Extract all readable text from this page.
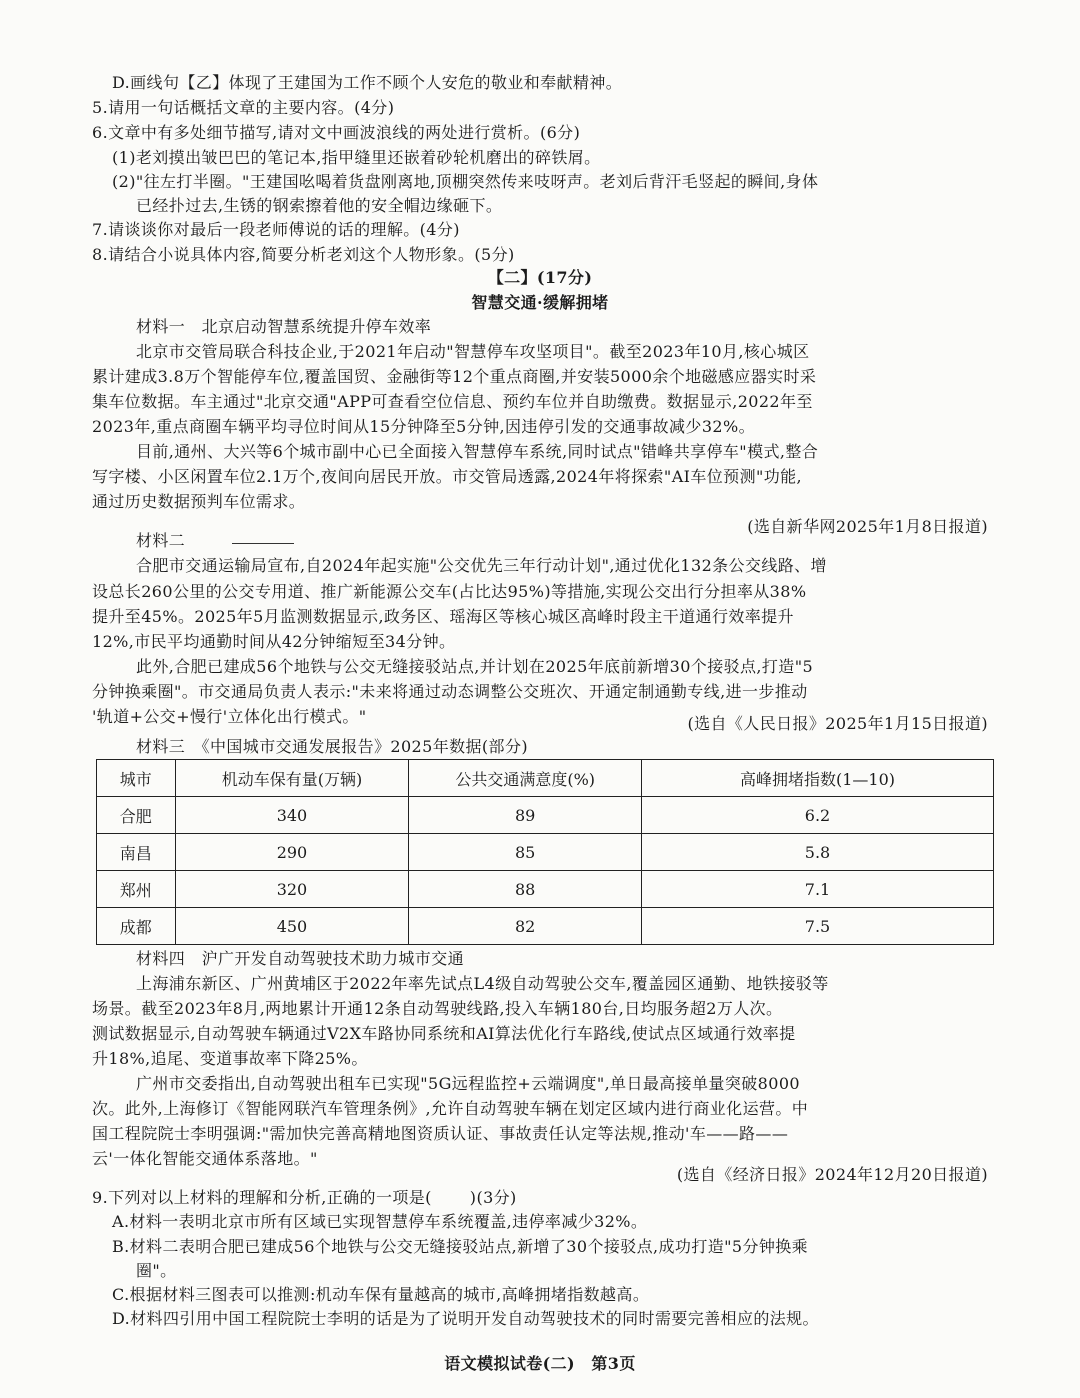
D.画线句【乙】体现了王建国为工作不顾个人安危的敬业和奉献精神。
5.请用一句话概括文章的主要内容。(4分)
6.文章中有多处细节描写,请对文中画波浪线的两处进行赏析。(6分)
(1)老刘摸出皱巴巴的笔记本,指甲缝里还嵌着砂轮机磨出的碎铁屑。
(2)"往左打半圈。"王建国吆喝着货盘刚离地,顶棚突然传来吱呀声。老刘后背汗毛竖起的瞬间,身体
已经扑过去,生锈的钢索擦着他的安全帽边缘砸下。
7.请谈谈你对最后一段老师傅说的话的理解。(4分)
8.请结合小说具体内容,简要分析老刘这个人物形象。(5分)
【二】(17分)
智慧交通·缓解拥堵
材料一　北京启动智慧系统提升停车效率
北京市交管局联合科技企业,于2021年启动"智慧停车攻坚项目"。截至2023年10月,核心城区
累计建成3.8万个智能停车位,覆盖国贸、金融街等12个重点商圈,并安装5000余个地磁感应器实时采
集车位数据。车主通过"北京交通"APP可查看空位信息、预约车位并自助缴费。数据显示,2022年至
2023年,重点商圈车辆平均寻位时间从15分钟降至5分钟,因违停引发的交通事故减少32%。
目前,通州、大兴等6个城市副中心已全面接入智慧停车系统,同时试点"错峰共享停车"模式,整合
写字楼、小区闲置车位2.1万个,夜间向居民开放。市交管局透露,2024年将探索"AI车位预测"功能,
通过历史数据预判车位需求。
(选自新华网2025年1月8日报道)
材料二
合肥市交通运输局宣布,自2024年起实施"公交优先三年行动计划",通过优化132条公交线路、增
设总长260公里的公交专用道、推广新能源公交车(占比达95%)等措施,实现公交出行分担率从38%
提升至45%。2025年5月监测数据显示,政务区、瑶海区等核心城区高峰时段主干道通行效率提升
12%,市民平均通勤时间从42分钟缩短至34分钟。
此外,合肥已建成56个地铁与公交无缝接驳站点,并计划在2025年底前新增30个接驳点,打造"5
分钟换乘圈"。市交通局负责人表示:"未来将通过动态调整公交班次、开通定制通勤专线,进一步推动
'轨道+公交+慢行'立体化出行模式。"	(选自《人民日报》2025年1月15日报道)
材料三　《中国城市交通发展报告》2025年数据(部分)
城市	机动车保有量(万辆)	公共交通满意度(%)	高峰拥堵指数(1—10)
合肥	340	89	6.2
南昌	290	85	5.8
郑州	320	88	7.1
成都	450	82	7.5
材料四　沪广开发自动驾驶技术助力城市交通
上海浦东新区、广州黄埔区于2022年率先试点L4级自动驾驶公交车,覆盖园区通勤、地铁接驳等
场景。截至2023年8月,两地累计开通12条自动驾驶线路,投入车辆180台,日均服务超2万人次。
测试数据显示,自动驾驶车辆通过V2X车路协同系统和AI算法优化行车路线,使试点区域通行效率提
升18%,追尾、变道事故率下降25%。
广州市交委指出,自动驾驶出租车已实现"5G远程监控+云端调度",单日最高接单量突破8000
次。此外,上海修订《智能网联汽车管理条例》,允许自动驾驶车辆在划定区域内进行商业化运营。中
国工程院院士李明强调:"需加快完善高精地图资质认证、事故责任认定等法规,推动'车——路——
云'一体化智能交通体系落地。"
(选自《经济日报》2024年12月20日报道)
9.下列对以上材料的理解和分析,正确的一项是( )(3分)
A.材料一表明北京市所有区域已实现智慧停车系统覆盖,违停率减少32%。
B.材料二表明合肥已建成56个地铁与公交无缝接驳站点,新增了30个接驳点,成功打造"5分钟换乘
圈"。
C.根据材料三图表可以推测:机动车保有量越高的城市,高峰拥堵指数越高。
D.材料四引用中国工程院院士李明的话是为了说明开发自动驾驶技术的同时需要完善相应的法规。
语文模拟试卷(二)　第3页
